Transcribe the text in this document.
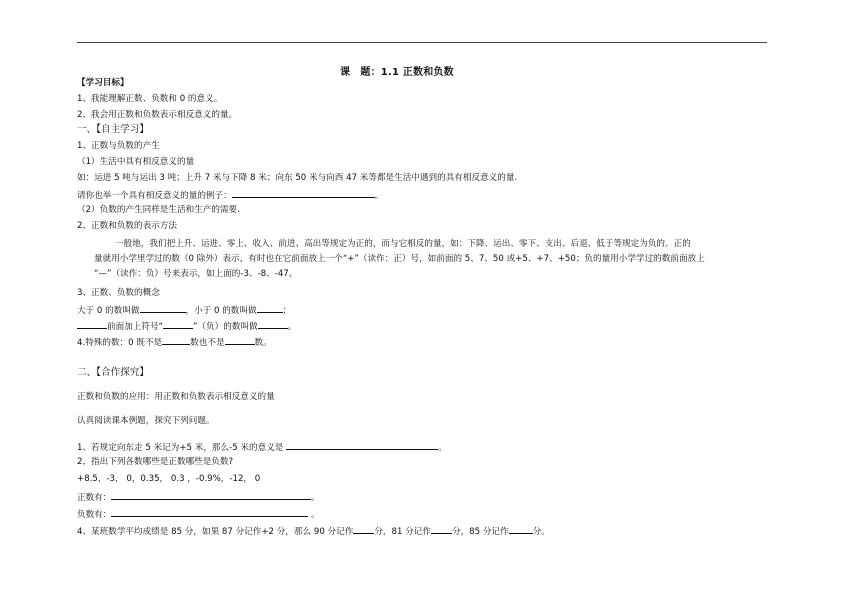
课　题：1.1 正数和负数
【学习目标】
1、我能理解正数、负数和 0 的意义。
2、我会用正数和负数表示相反意义的量。
一、【自主学习】
1、正数与负数的产生
（1）生活中具有相反意义的量
如：运进 5 吨与运出 3 吨；上升 7 米与下降 8 米；向东 50 米与向西 47 米等都是生活中遇到的具有相反意义的量.
请你也举一个具有相反意义的量的例子：	。
（2）负数的产生同样是生活和生产的需要.
2、正数和负数的表示方法
一般地，我们把上升、运进、零上、收入、前进、高出等规定为正的，而与它相反的量，如：下降、运出、零下、支出、后退、低于等规定为负的。正的
量就用小学里学过的数（0 除外）表示，有时也在它前面放上一个“+”（读作：正）号，如前面的 5、7、50 或+5、+7、+50；负的量用小学学过的数前面放上
“—”（读作：负）号来表示，如上面的-3、-8、-47。
3、正数、负数的概念
大于 0 的数叫做	，小于 0 的数叫做	；
前面加上符号“	”（负）的数叫做	。
4.特殊的数：0 既不是	数也不是	数。
二、【合作探究】
正数和负数的应用：用正数和负数表示相反意义的量
认真阅读课本例题，探究下列问题。
1、若规定向东走 5 米记为+5 米，那么-5 米的意义是	。
2、指出下列各数哪些是正数哪些是负数?
+8.5，-3， 0，0.35， 0.3 ，-0.9%，-12， 0
正数有：	。
负数有：	。
4、某班数学平均成绩是 85 分，如果 87 分记作+2 分，那么 90 分记作 分，81 分记作 分，85 分记作	分。
